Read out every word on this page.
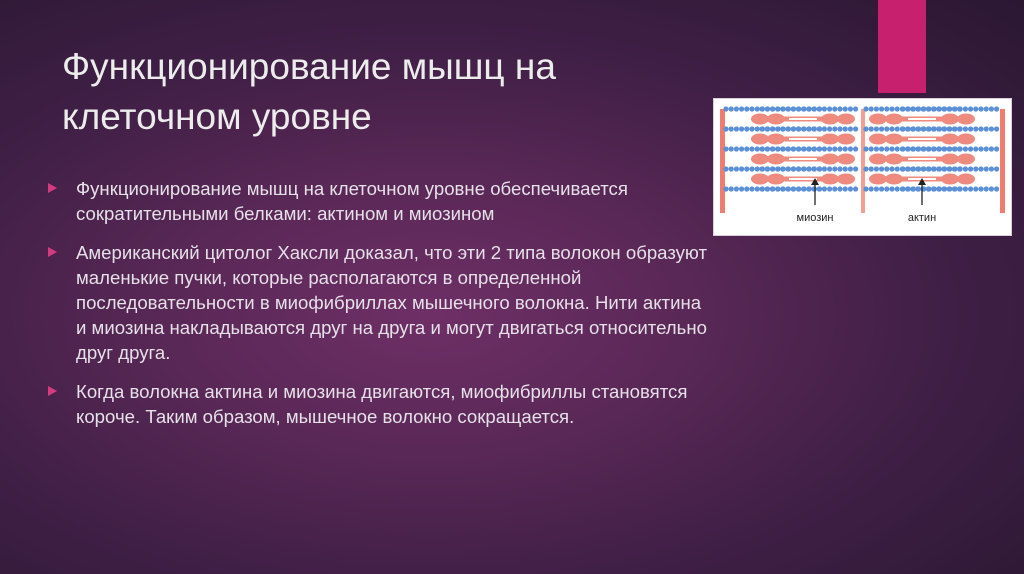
Функционирование мышц на клеточном уровне
Функционирование мышц на клеточном уровне обеспечивается сократительными белками: актином и миозином
Американский цитолог Хаксли доказал, что эти 2 типа волокон образуют маленькие пучки, которые располагаются в определенной последовательности в миофибриллах мышечного волокна. Нити актина и миозина накладываются друг на друга и могут двигаться относительно друг друга.
Когда волокна актина и миозина двигаются, миофибриллы становятся короче. Таким образом, мышечное волокно сокращается.
миозин	актин
